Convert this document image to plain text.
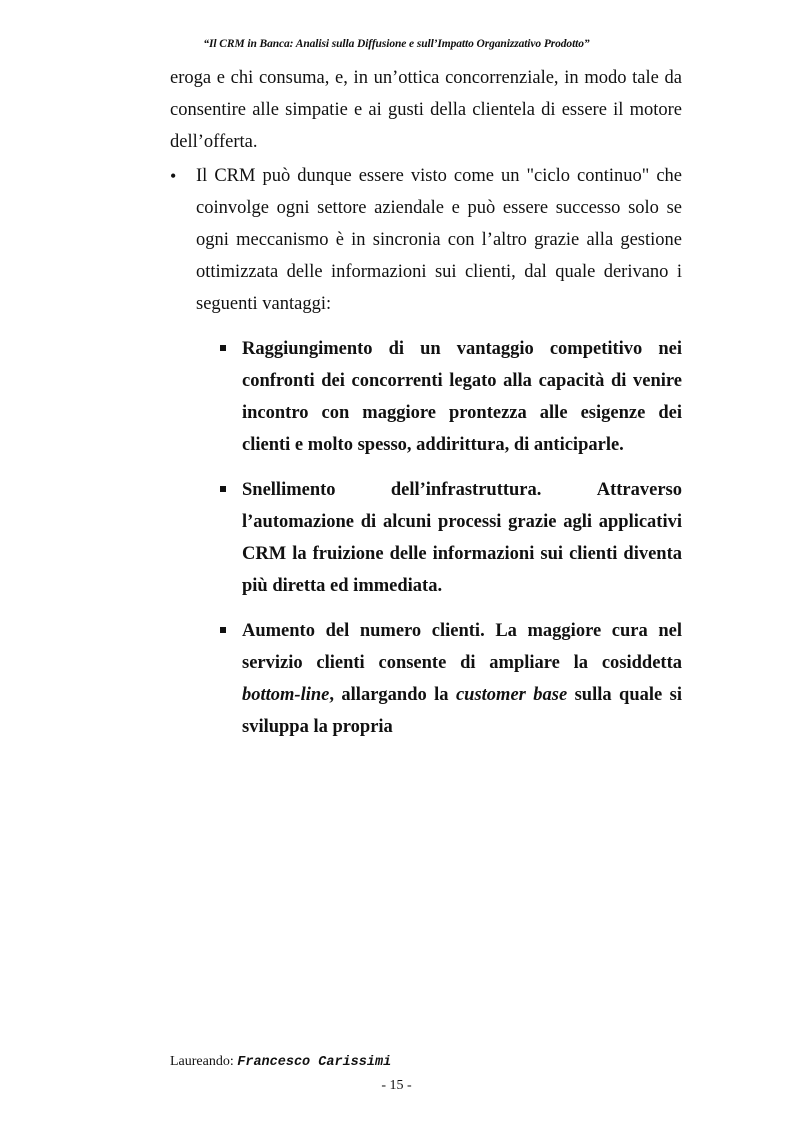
“Il CRM in Banca: Analisi sulla Diffusione e sull’Impatto Organizzativo Prodotto”

eroga e chi consuma, e, in un’ottica concorrenziale, in modo tale da consentire alle simpatie e ai gusti della clientela di essere il motore dell’offerta.

• Il CRM può dunque essere visto come un "ciclo continuo" che coinvolge ogni settore aziendale e può essere successo solo se ogni meccanismo è in sincronia con l’altro grazie alla gestione ottimizzata delle informazioni sui clienti, dal quale derivano i seguenti vantaggi:
Raggiungimento di un vantaggio competitivo nei confronti dei concorrenti legato alla capacità di venire incontro con maggiore prontezza alle esigenze dei clienti e molto spesso, addirittura, di anticiparle.
Snellimento	dell’infrastruttura.	Attraverso
l’automazione di alcuni processi grazie agli applicativi CRM la fruizione delle informazioni sui clienti diventa più diretta ed immediata.
Aumento del numero clienti. La maggiore cura nel servizio clienti consente di ampliare la cosiddetta bottom-line, allargando la customer base sulla quale si sviluppa la propria
Laureando: Francesco Carissimi
- 15 -
